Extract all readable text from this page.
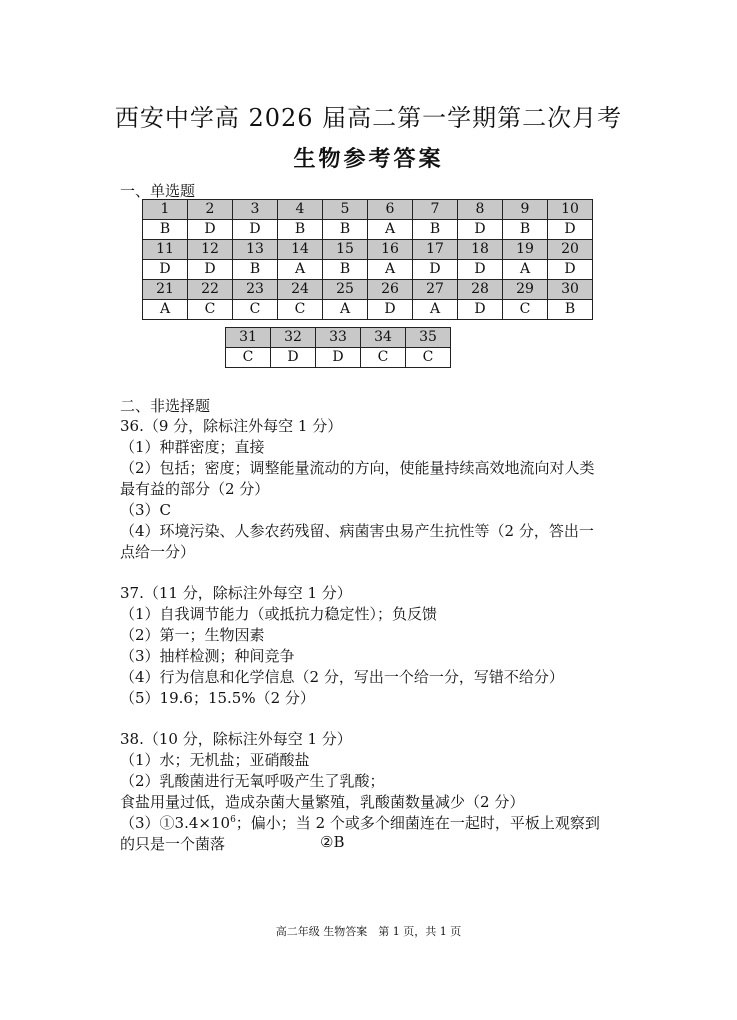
西安中学高 2026 届高二第一学期第二次月考
生物参考答案
一、单选题
1	2	3	4	5	6	7	8	9	10
B	D	D	B	B	A	B	D	B	D
11	12	13	14	15	16	17	18	19	20
D	D	B	A	B	A	D	D	A	D
21	22	23	24	25	26	27	28	29	30
A	C	C	C	A	D	A	D	C	B
31	32	33	34	35
C	D	D	C	C
二、非选择题
36.（9 分，除标注外每空 1 分）
（1）种群密度；直接
（2）包括；密度；调整能量流动的方向，使能量持续高效地流向对人类
最有益的部分（2 分）
（3）C
（4）环境污染、人参农药残留、病菌害虫易产生抗性等（2 分，答出一
点给一分）
37.（11 分，除标注外每空 1 分）
（1）自我调节能力（或抵抗力稳定性）；负反馈
（2）第一；生物因素
（3）抽样检测；种间竞争
（4）行为信息和化学信息（2 分，写出一个给一分，写错不给分）
（5）19.6；15.5%（2 分）
38.（10 分，除标注外每空 1 分）
（1）水；无机盐；亚硝酸盐
（2）乳酸菌进行无氧呼吸产生了乳酸；
食盐用量过低，造成杂菌大量繁殖，乳酸菌数量减少（2 分）
$(3)①3.4\times 10^6$；偏小；当 2 个或多个细菌连在一起时，平板上观察到
的只是一个菌落	②B
高二年级 生物答案　第 1 页，共 1 页
